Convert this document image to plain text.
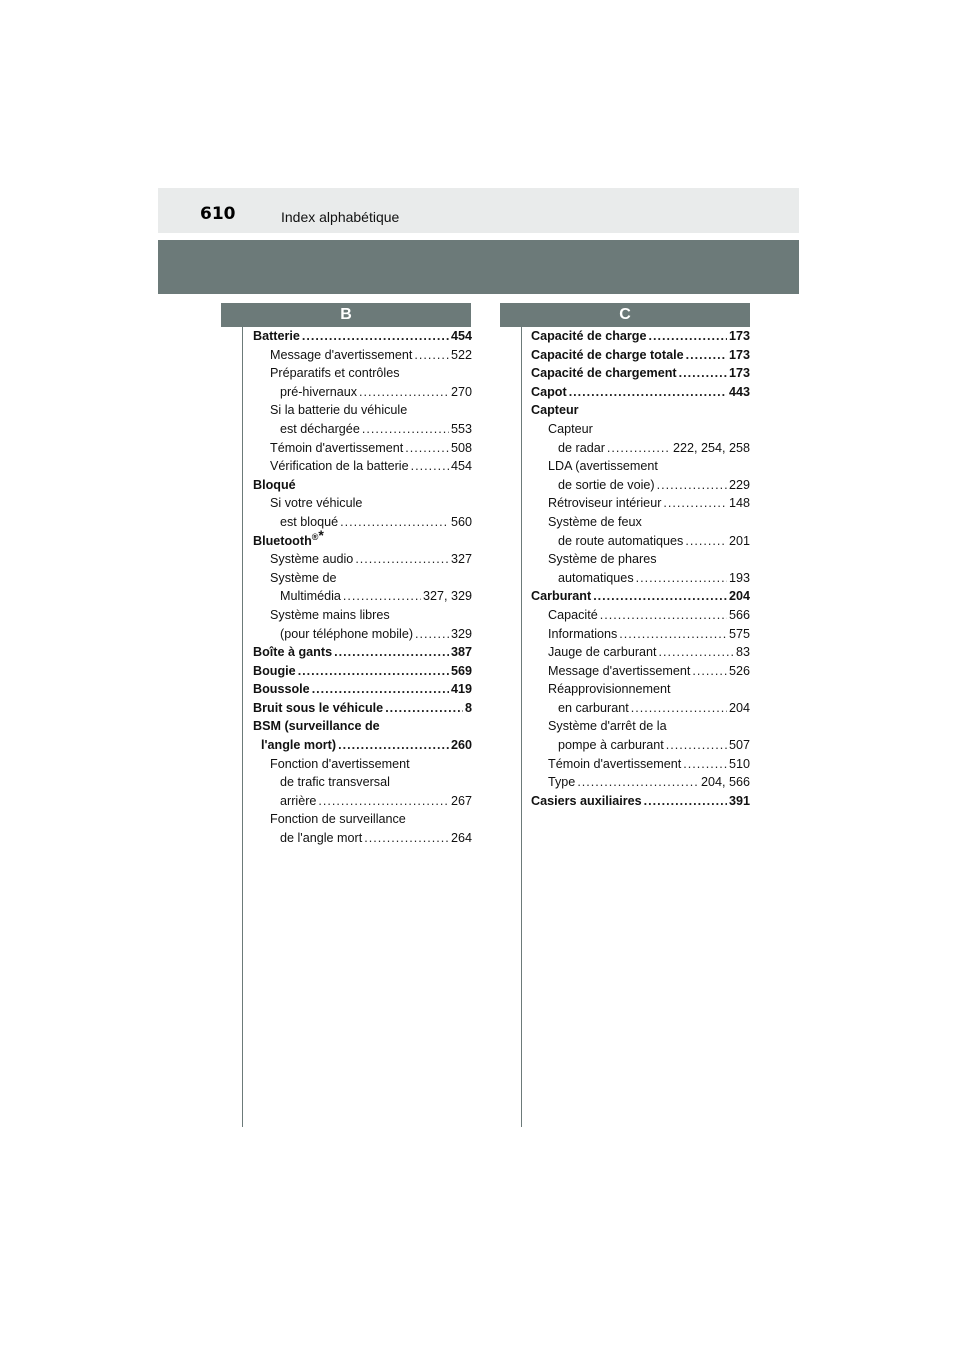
610	Index alphabétique
B	C
Batterie .....	454
Message d'avertissement .....	522
Préparatifs et contrôles
pré-hivernaux .....	270
Si la batterie du véhicule
est déchargée .....	553
Témoin d'avertissement .....	508
Vérification de la batterie .....	454
Bloqué
Si votre véhicule
est bloqué .....	560
Bluetooth®*
Système audio .....	327
Système de
Multimédia .....	327, 329
Système mains libres
(pour téléphone mobile) .....	329
Boîte à gants .....	387
Bougie .....	569
Boussole .....	419
Bruit sous le véhicule .....	8
BSM (surveillance de
l'angle mort) .....	260
Fonction d'avertissement
de trafic transversal
arrière .....	267
Fonction de surveillance
de l'angle mort .....	264
Capacité de charge .....	173
Capacité de charge totale .....	173
Capacité de chargement .....	173
Capot .....	443
Capteur
Capteur
de radar .....	222, 254, 258
LDA (avertissement
de sortie de voie) .....	229
Rétroviseur intérieur .....	148
Système de feux
de route automatiques .....	201
Système de phares
automatiques .....	193
Carburant .....	204
Capacité .....	566
Informations .....	575
Jauge de carburant .....	83
Message d'avertissement .....	526
Réapprovisionnement
en carburant .....	204
Système d'arrêt de la
pompe à carburant .....	507
Témoin d'avertissement .....	510
Type .....	204, 566
Casiers auxiliaires .....	391
